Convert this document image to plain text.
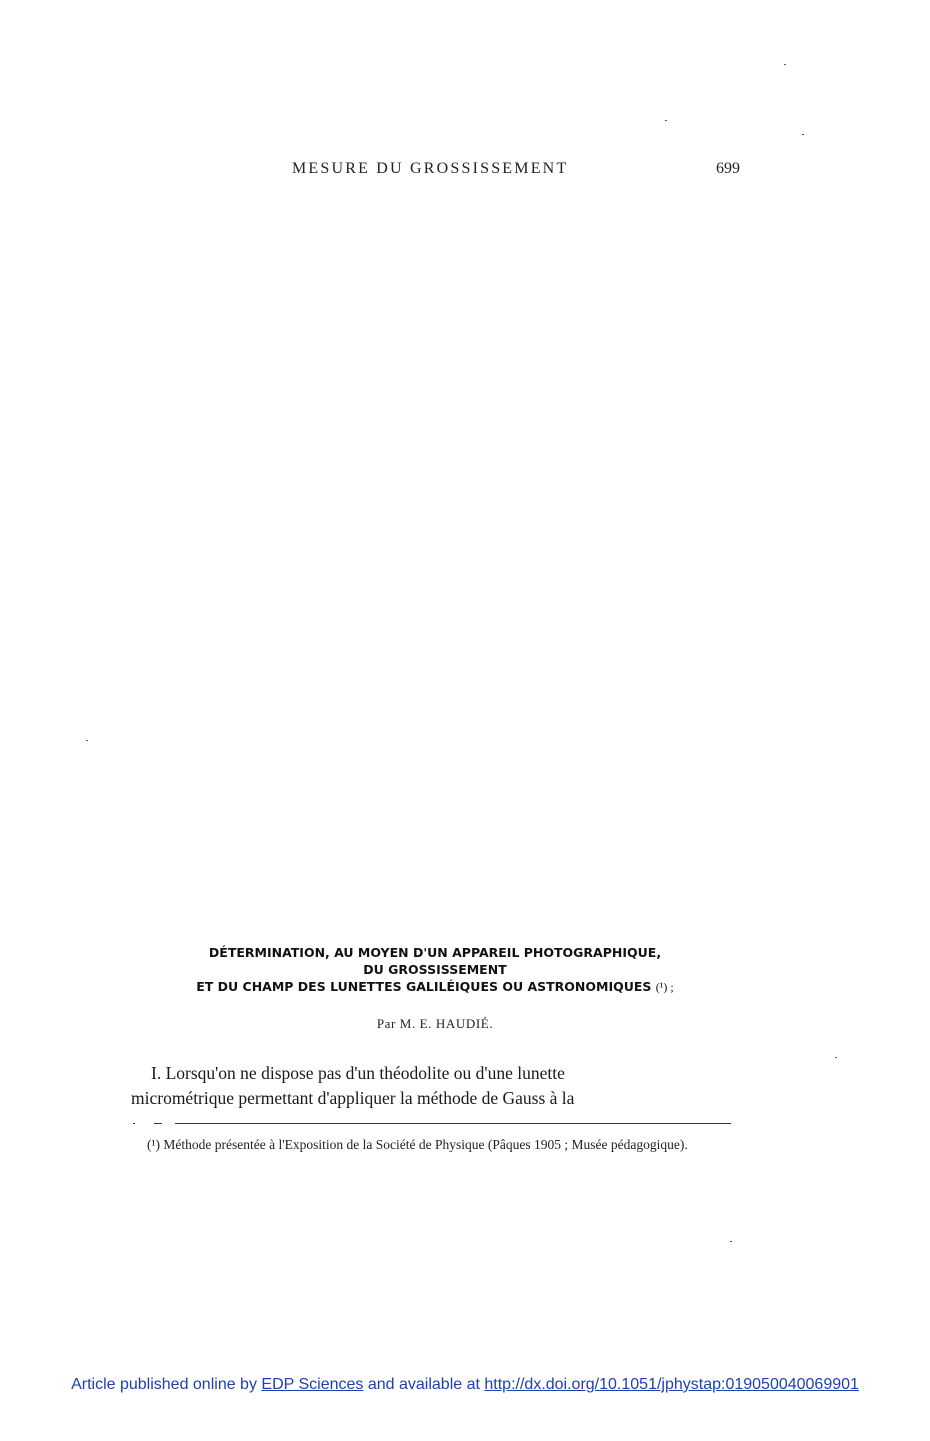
MESURE DU GROSSISSEMENT	699
DÉTERMINATION, AU MOYEN D'UN APPAREIL PHOTOGRAPHIQUE,
DU GROSSISSEMENT
ET DU CHAMP DES LUNETTES GALILÉIQUES OU ASTRONOMIQUES (¹) ;
Par M. E. HAUDIÉ.
I. Lorsqu'on ne dispose pas d'un théodolite ou d'une lunette
micrométrique permettant d'appliquer la méthode de Gauss à la
(¹) Méthode présentée à l'Exposition de la Société de Physique (Pâques 1905 ; Musée pédagogique).
Article published online by EDP Sciences and available at http://dx.doi.org/10.1051/jphystap:019050040069901
